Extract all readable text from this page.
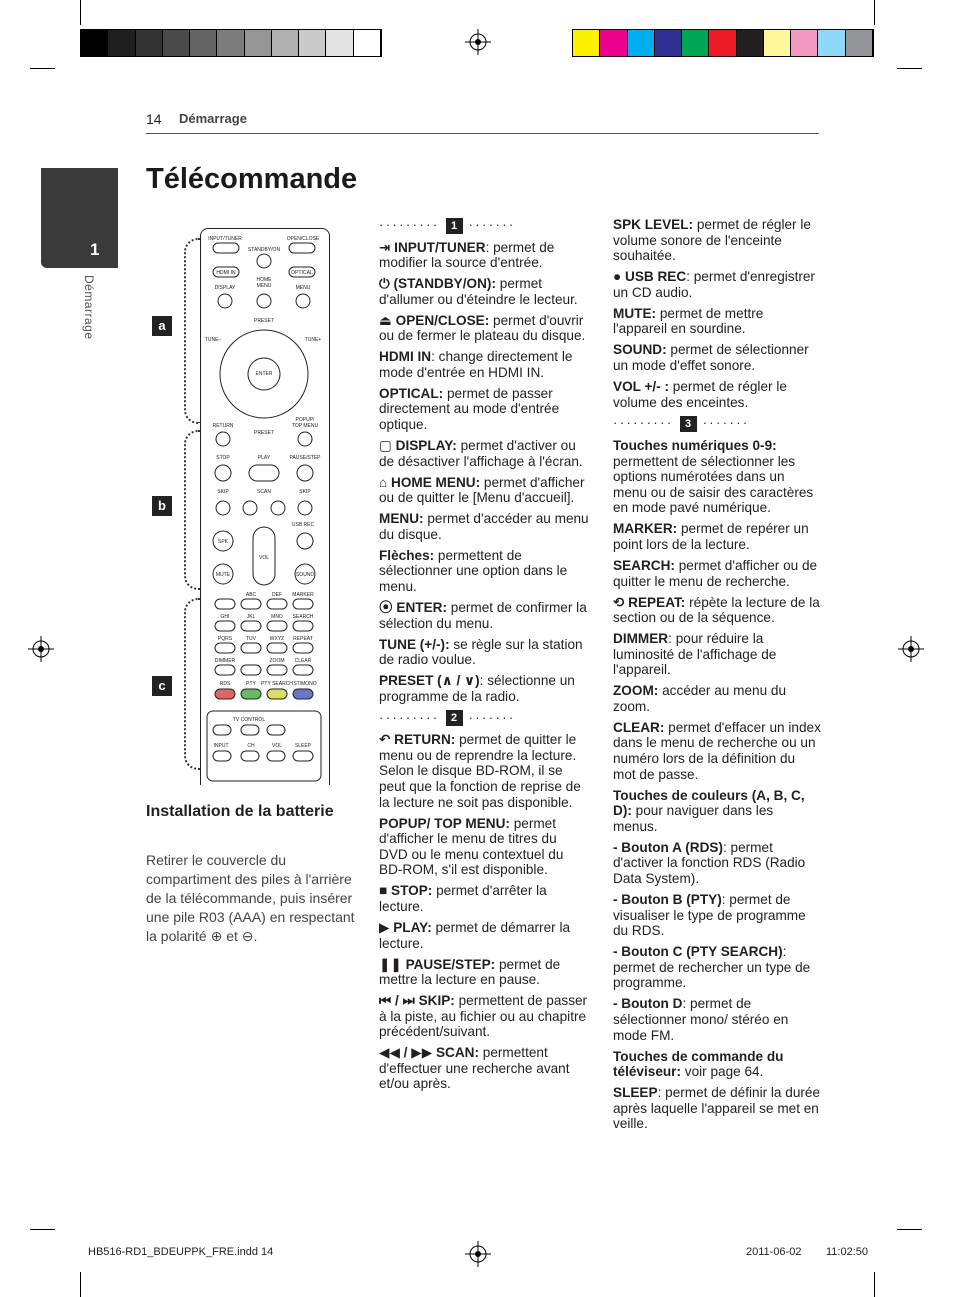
14 Démarrage
1
Démarrage
Télécommande
a
b
c
INPUT/TUNER
STANDBY/ON
OPEN/CLOSE
HDMI IN	OPTICAL
DISPLAY
HOME
MENU	MENU
PRESET
TUNE–	TUNE+
ENTER
PRESET
RETURN
POPUP/
TOP MENU
STOP	PLAY	PAUSE/STEP
SKIP	SCAN	SKIP
USB REC
SPK
VOL
MUTE	SOUND
ABC	DEF MARKER
GHI	JKL	MNO SEARCH
PQRS	TUV	WXYZ REPEAT
DIMMER	ZOOM CLEAR
RDS	PTY PTY SEARCH ST/MONO
TV CONTROL
CH	VOL
INPUT	SLEEP
Installation de la batterie
Retirer le couvercle du compartiment des piles à l'arrière de la télécommande, puis insérer une pile R03 (AAA) en respectant la polarité ⊕ et ⊖.
········· 1 ·······

⇥ INPUT/TUNER: permet de modifier la source d'entrée.

⏻ (STANDBY/ON): permet d'allumer ou d'éteindre le lecteur.

⏏ OPEN/CLOSE: permet d'ouvrir ou de fermer le plateau du disque.

HDMI IN: change directement le mode d'entrée en HDMI IN.

OPTICAL: permet de passer directement au mode d'entrée optique.

▢ DISPLAY: permet d'activer ou de désactiver l'affichage à l'écran.

⌂ HOME MENU: permet d'afficher ou de quitter le [Menu d'accueil].

MENU: permet d'accéder au menu du disque.

Flèches: permettent de sélectionner une option dans le menu.

⦿ ENTER: permet de confirmer la sélection du menu.

TUNE (+/-): se règle sur la station de radio voulue.

PRESET (∧ / ∨): sélectionne un programme de la radio.

········· 2 ·······

↶ RETURN: permet de quitter le menu ou de reprendre la lecture. Selon le disque BD-ROM, il se peut que la fonction de reprise de la lecture ne soit pas disponible.

POPUP/ TOP MENU: permet d'afficher le menu de titres du DVD ou le menu contextuel du BD-ROM, s'il est disponible.

■ STOP: permet d'arrêter la lecture.

▶ PLAY: permet de démarrer la lecture.

❚❚ PAUSE/STEP: permet de mettre la lecture en pause.

⏮ / ⏭ SKIP: permettent de passer à la piste, au fichier ou au chapitre précédent/suivant.

◀◀ / ▶▶ SCAN: permettent d'effectuer une recherche avant et/ou après.

SPK LEVEL: permet de régler le volume sonore de l'enceinte souhaitée.

● USB REC: permet d'enregistrer un CD audio.

MUTE: permet de mettre l'appareil en sourdine.

SOUND: permet de sélectionner un mode d'effet sonore.

VOL +/- : permet de régler le volume des enceintes.

········· 3 ·······

Touches numériques 0-9: permettent de sélectionner les options numérotées dans un menu ou de saisir des caractères en mode pavé numérique.

MARKER: permet de repérer un point lors de la lecture.

SEARCH: permet d'afficher ou de quitter le menu de recherche.

⟲ REPEAT: répète la lecture de la section ou de la séquence.

DIMMER: pour réduire la luminosité de l'affichage de l'appareil.

ZOOM: accéder au menu du zoom.

CLEAR: permet d'effacer un index dans le menu de recherche ou un numéro lors de la définition du mot de passe.

Touches de couleurs (A, B, C, D): pour naviguer dans les menus.

- Bouton A (RDS): permet d'activer la fonction RDS (Radio Data System).

- Bouton B (PTY): permet de visualiser le type de programme du RDS.

- Bouton C (PTY SEARCH): permet de rechercher un type de programme.

- Bouton D: permet de sélectionner mono/ stéréo en mode FM.

Touches de commande du téléviseur: voir page 64.

SLEEP: permet de définir la durée après laquelle l'appareil se met en veille.

HB516-RD1_BDEUPPK_FRE.indd 14	2011-06-02 11:02:50
